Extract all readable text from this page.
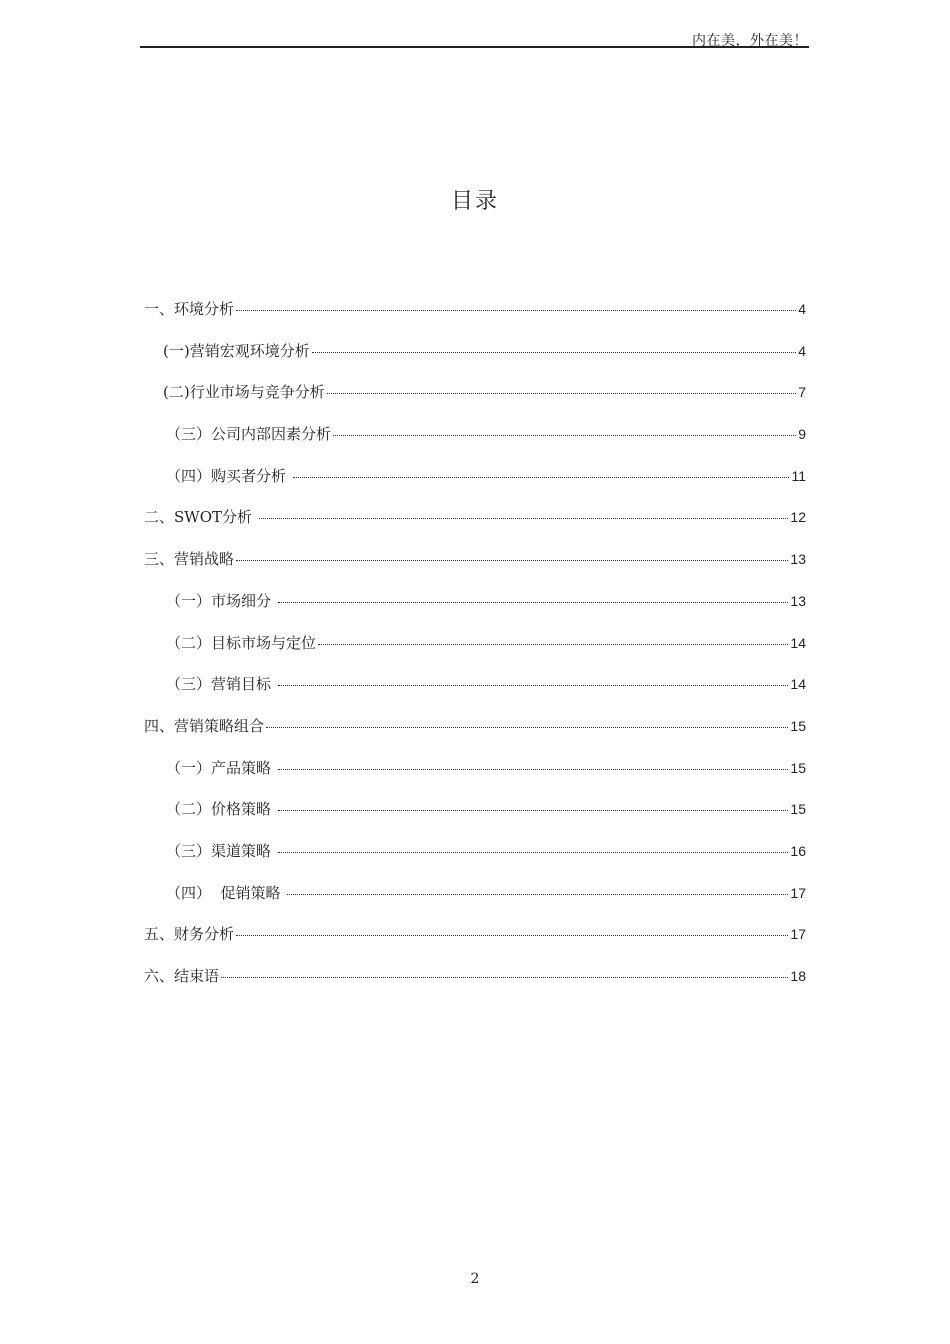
内在美，外在美！
目录
一、环境分析	4
(一)营销宏观环境分析	4
(二)行业市场与竞争分析	7
（三）公司内部因素分析	9
（四）购买者分析	11
二、SWOT分析	12
三、营销战略	13
（一）市场细分	13
（二）目标市场与定位	14
（三）营销目标	14
四、营销策略组合	15
（一）产品策略	15
（二）价格策略	15
（三）渠道策略	16
（四）  促销策略	17
五、财务分析	17
六、结束语	18
2
